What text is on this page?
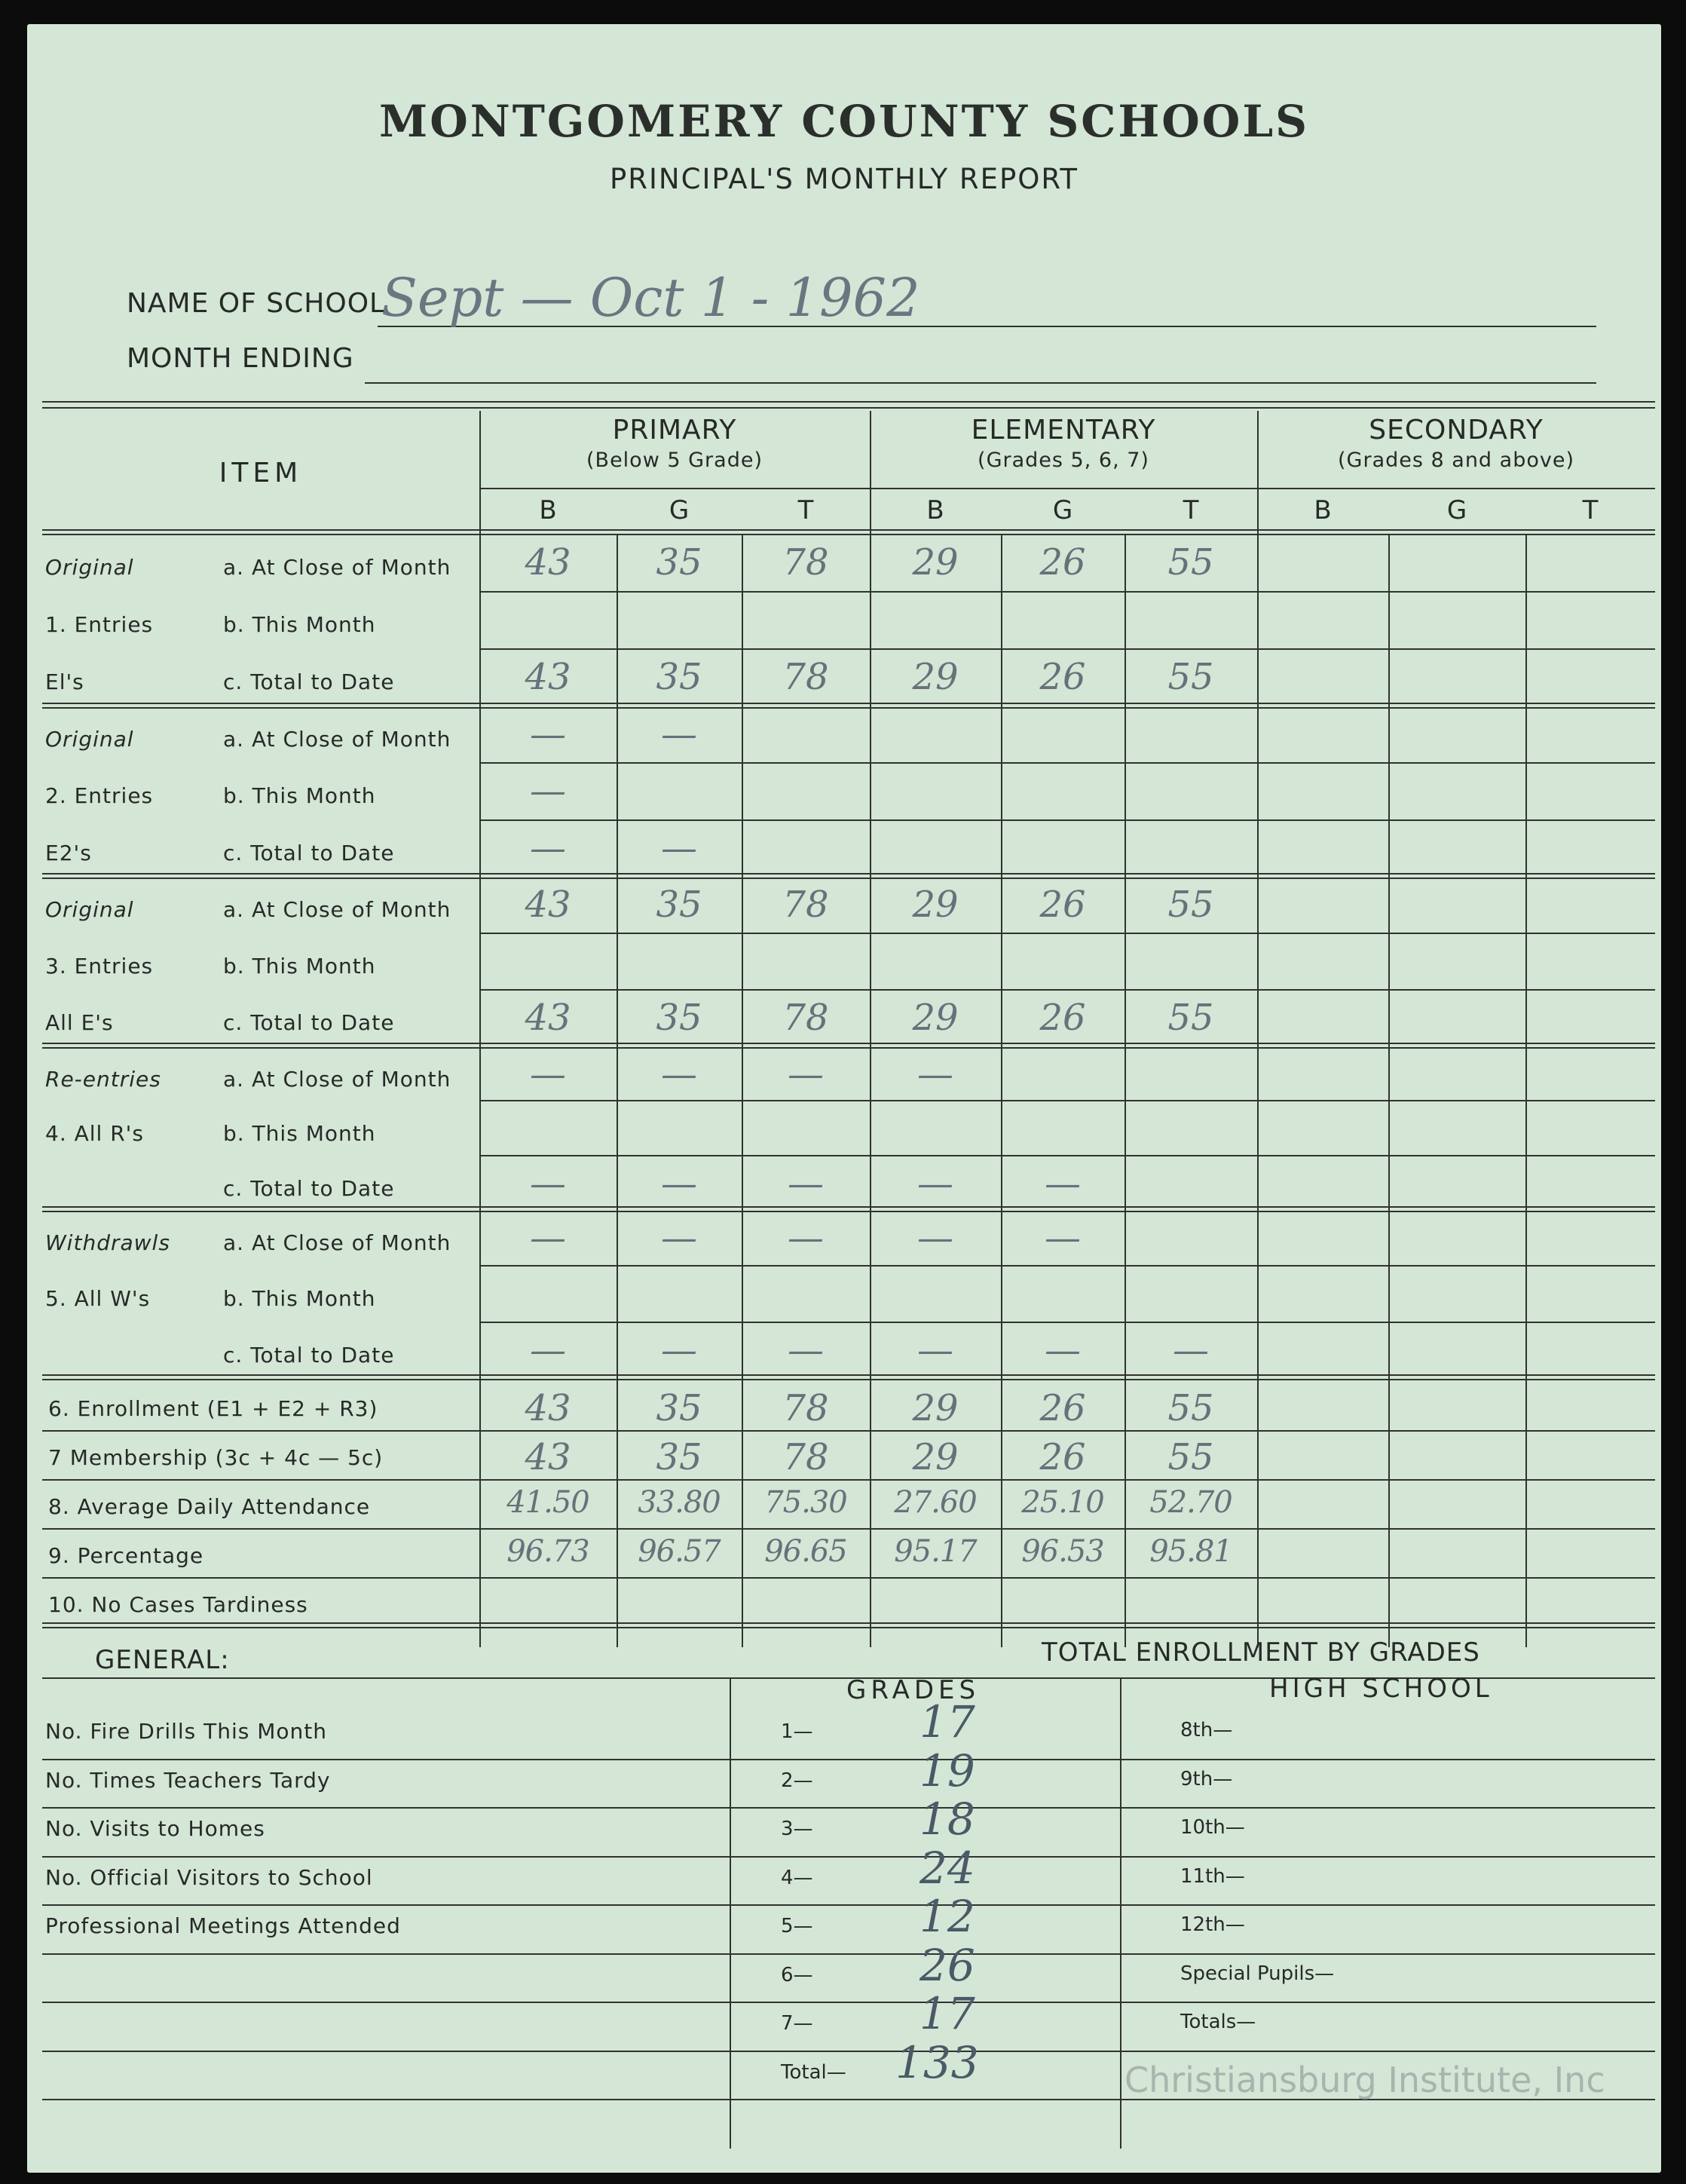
MONTGOMERY COUNTY SCHOOLS
PRINCIPAL'S MONTHLY REPORT
NAME OF SCHOOL
Sept — Oct 1 - 1962
MONTH ENDING
ITEM
PRIMARY
(Below 5 Grade)
ELEMENTARY
(Grades 5, 6, 7)
SECONDARY
(Grades 8 and above)
B	G	T	B	G	T	B	G	T
Original	a. At Close of Month	43	35	78	29	26	55
1. Entries	b. This Month
El's	c. Total to Date	43	35	78	29	26	55
Original	a. At Close of Month	—	—
2. Entries	b. This Month	—
E2's	c. Total to Date	—	—
Original	a. At Close of Month	43	35	78	29	26	55
3. Entries	b. This Month
All E's	c. Total to Date	43	35	78	29	26	55
Re-entries	a. At Close of Month	—	—	—	—
4. All R's	b. This Month
c. Total to Date	—	—	—	—	—
Withdrawls	a. At Close of Month	—	—	—	—	—
5. All W's	b. This Month
c. Total to Date	—	—	—	—	—	—
6. Enrollment (E1 + E2 + R3)	43	35	78	29	26	55
7 Membership (3c + 4c — 5c)	43	35	78	29	26	55
8. Average Daily Attendance	41.50	33.80	75.30	27.60	25.10	52.70
9. Percentage	96.73	96.57	96.65	95.17	96.53	95.81
10. No Cases Tardiness
GENERAL:	TOTAL ENROLLMENT BY GRADES
GRADES	HIGH SCHOOL
No. Fire Drills This Month	1— 17	8th—
No. Times Teachers Tardy	2— 19	9th—
No. Visits to Homes	3— 18	10th—
No. Official Visitors to School	4— 24	11th—
Professional Meetings Attended	5— 12	12th—
6— 26	Special Pupils—
7— 17	Totals—
Total— 133	Christiansburg Institute, Inc
